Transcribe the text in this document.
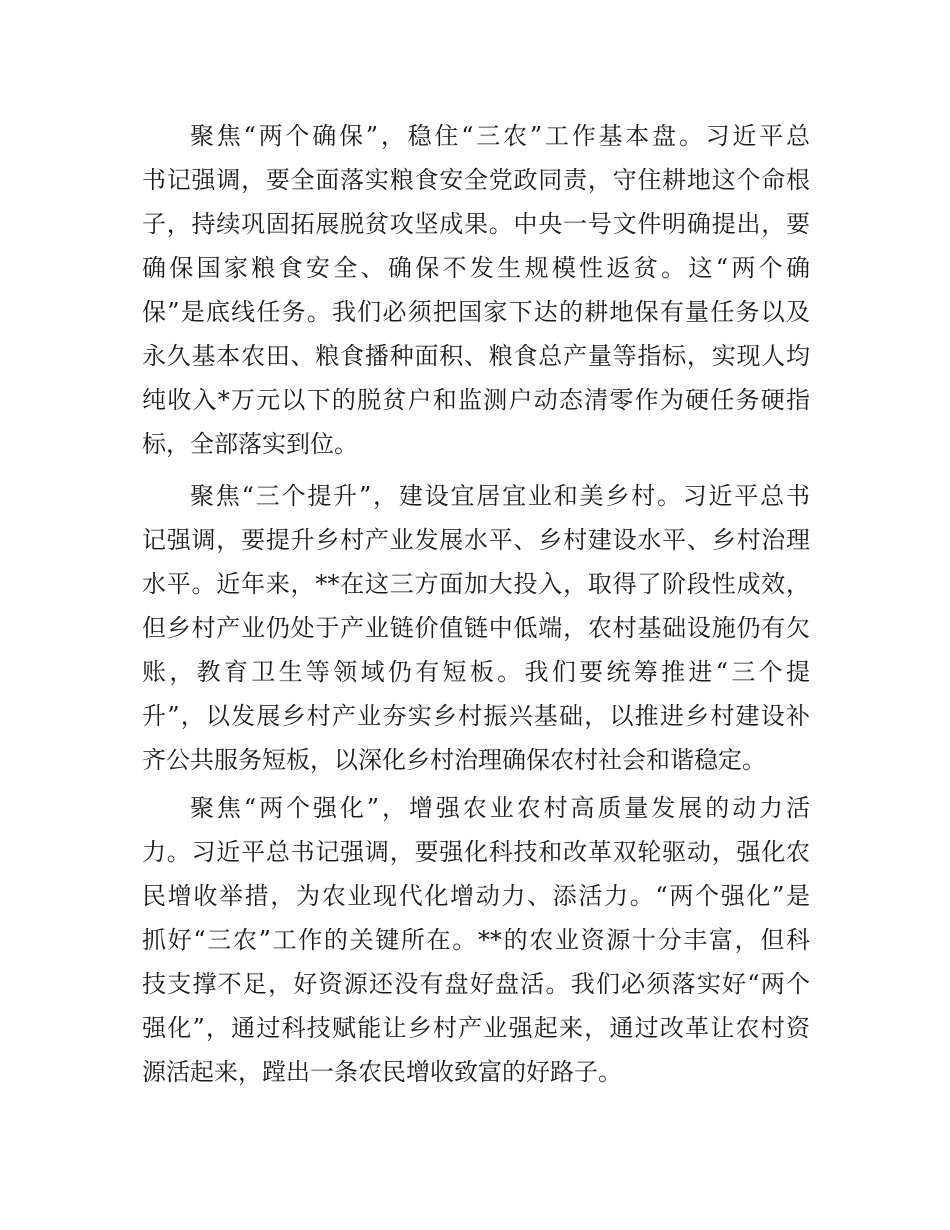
聚焦“两个确保”，稳住“三农”工作基本盘。习近平总
书记强调，要全面落实粮食安全党政同责，守住耕地这个命根
子，持续巩固拓展脱贫攻坚成果。中央一号文件明确提出，要
确保国家粮食安全、确保不发生规模性返贫。这“两个确
保”是底线任务。我们必须把国家下达的耕地保有量任务以及
永久基本农田、粮食播种面积、粮食总产量等指标，实现人均
纯收入*万元以下的脱贫户和监测户动态清零作为硬任务硬指
标，全部落实到位。
聚焦“三个提升”，建设宜居宜业和美乡村。习近平总书
记强调，要提升乡村产业发展水平、乡村建设水平、乡村治理
水平。近年来，**在这三方面加大投入，取得了阶段性成效，
但乡村产业仍处于产业链价值链中低端，农村基础设施仍有欠
账，教育卫生等领域仍有短板。我们要统筹推进“三个提
升”，以发展乡村产业夯实乡村振兴基础，以推进乡村建设补
齐公共服务短板，以深化乡村治理确保农村社会和谐稳定。
聚焦“两个强化”，增强农业农村高质量发展的动力活
力。习近平总书记强调，要强化科技和改革双轮驱动，强化农
民增收举措，为农业现代化增动力、添活力。“两个强化”是
抓好“三农”工作的关键所在。**的农业资源十分丰富，但科
技支撑不足，好资源还没有盘好盘活。我们必须落实好“两个
强化”，通过科技赋能让乡村产业强起来，通过改革让农村资
源活起来，蹚出一条农民增收致富的好路子。
